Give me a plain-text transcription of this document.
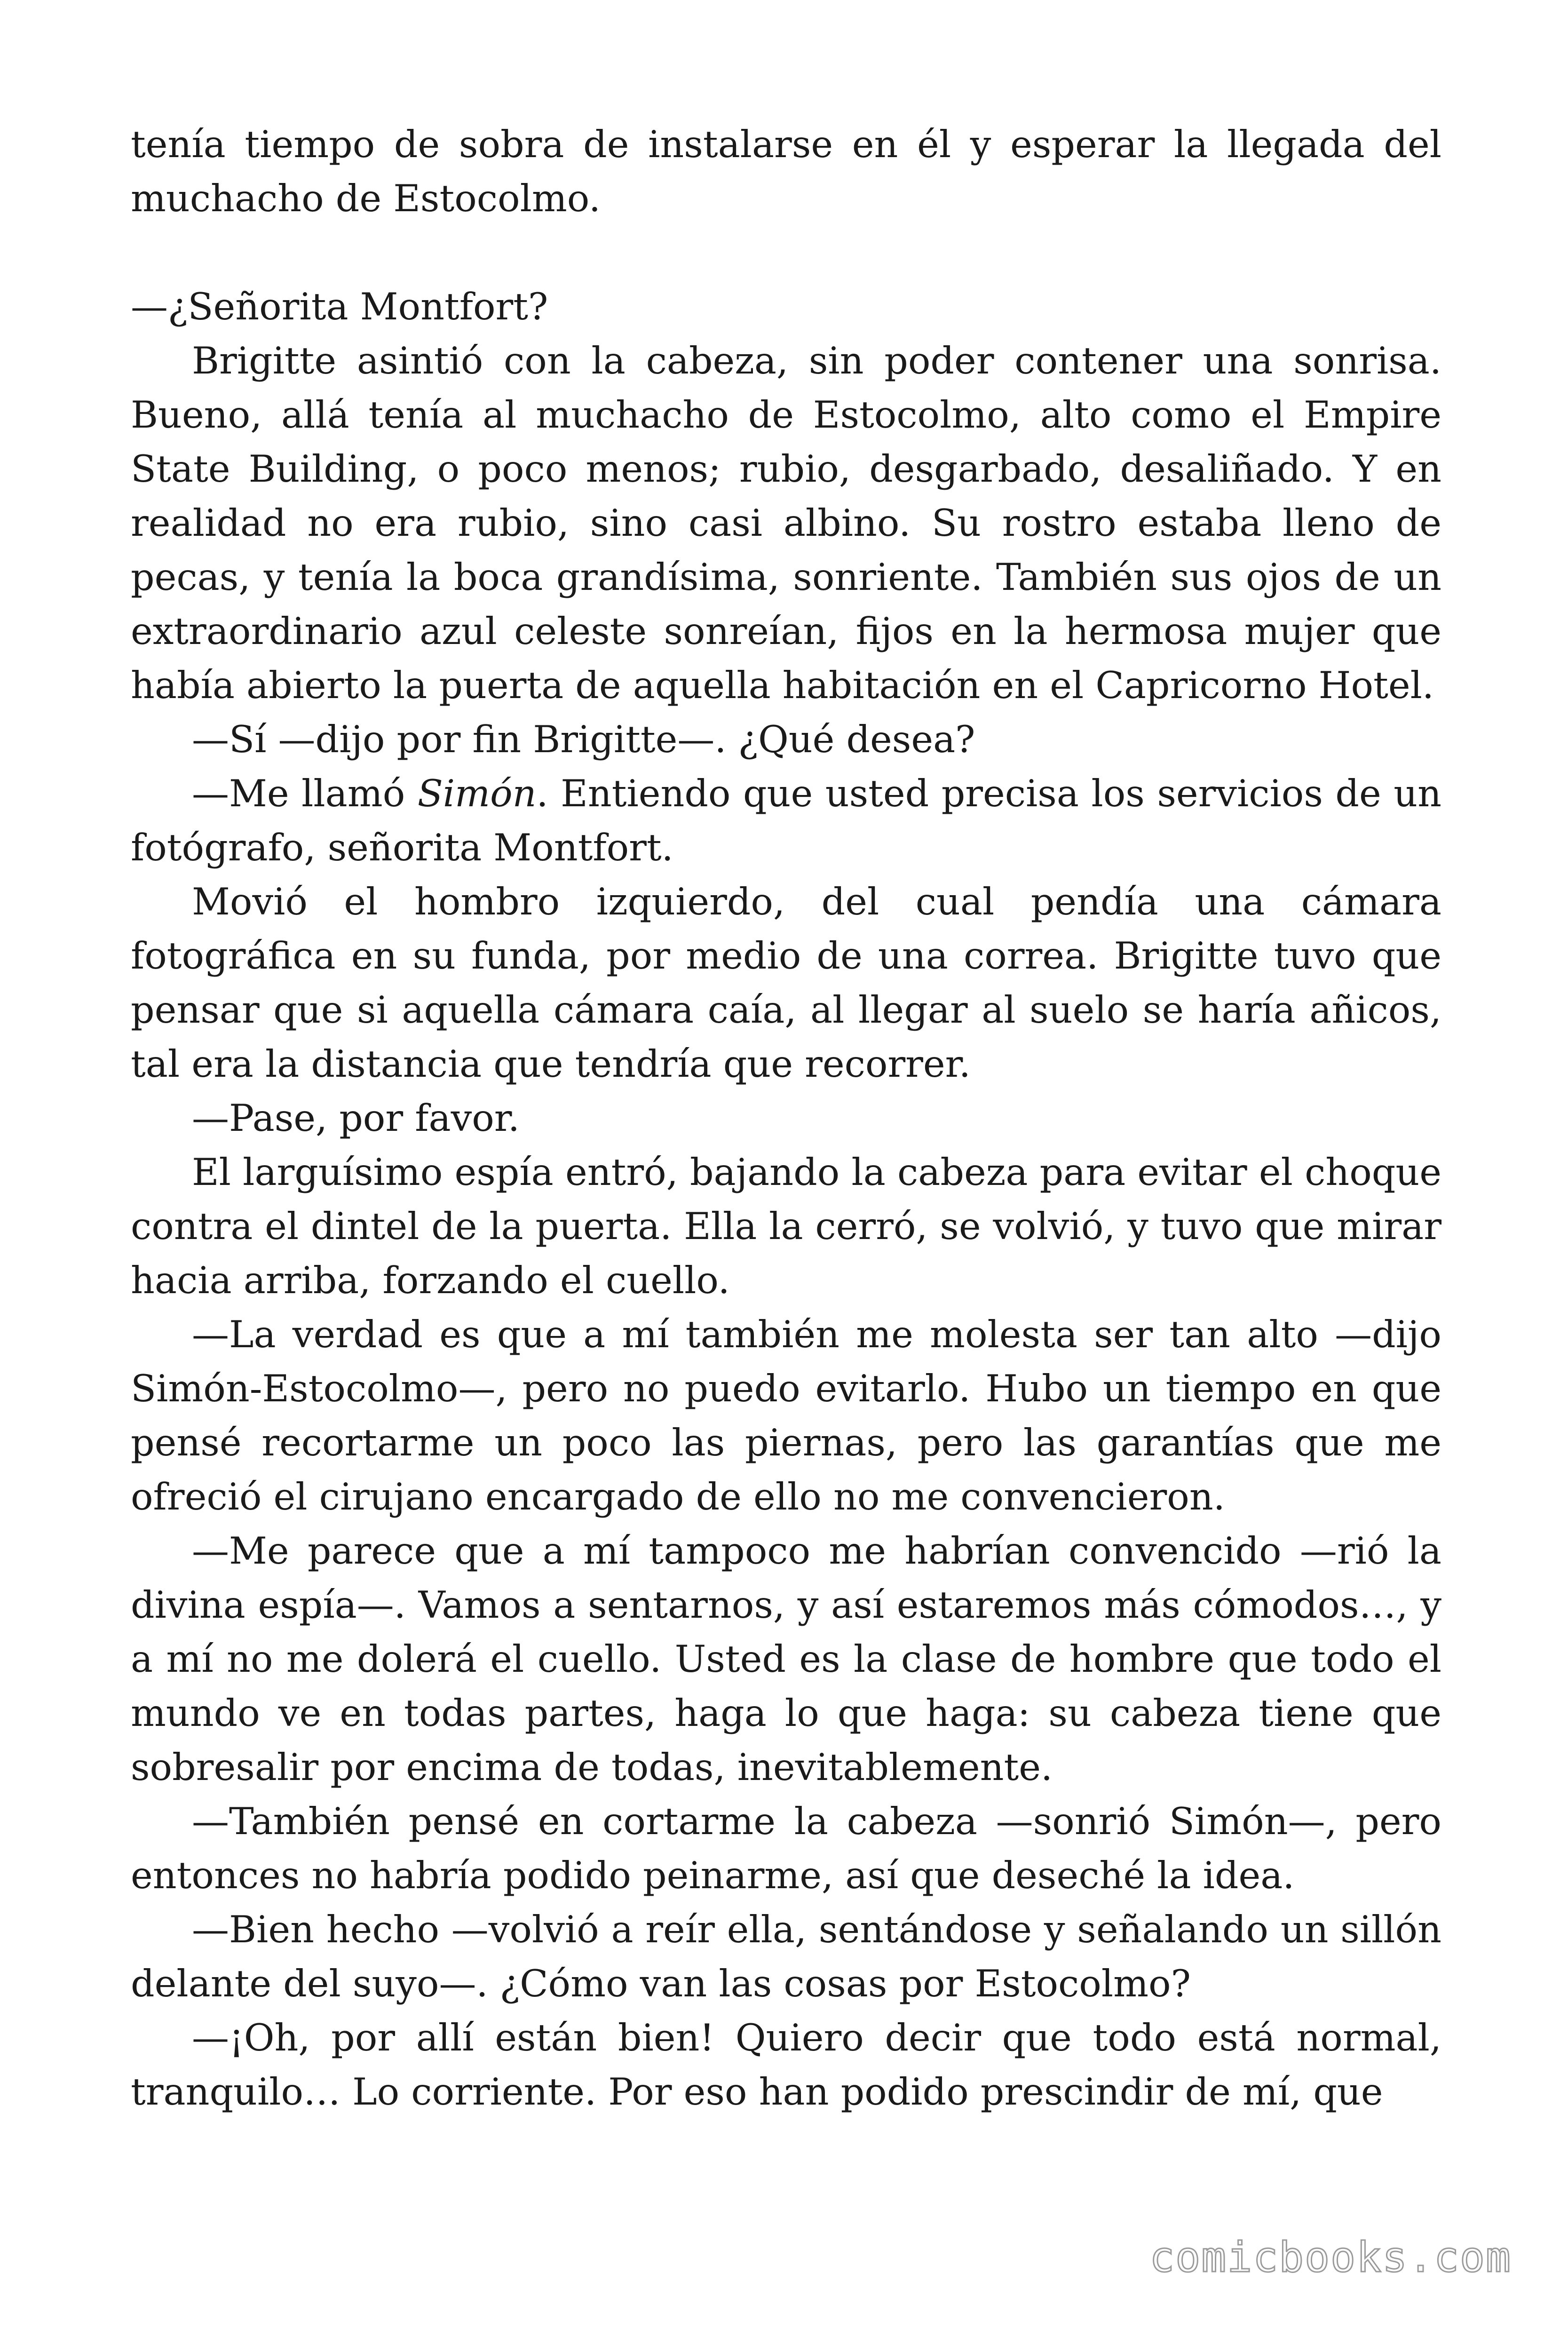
tenía tiempo de sobra de instalarse en él y esperar la llegada del muchacho de Estocolmo.

—¿Señorita Montfort?

Brigitte asintió con la cabeza, sin poder contener una sonrisa. Bueno, allá tenía al muchacho de Estocolmo, alto como el Empire State Building, o poco menos; rubio, desgarbado, desaliñado. Y en realidad no era rubio, sino casi albino. Su rostro estaba lleno de pecas, y tenía la boca grandísima, sonriente. También sus ojos de un extraordinario azul celeste sonreían, fijos en la hermosa mujer que había abierto la puerta de aquella habitación en el Capricorno Hotel.

—Sí —dijo por fin Brigitte—. ¿Qué desea?

—Me llamó Simón. Entiendo que usted precisa los servicios de un fotógrafo, señorita Montfort.

Movió el hombro izquierdo, del cual pendía una cámara fotográfica en su funda, por medio de una correa. Brigitte tuvo que pensar que si aquella cámara caía, al llegar al suelo se haría añicos, tal era la distancia que tendría que recorrer.

—Pase, por favor.

El larguísimo espía entró, bajando la cabeza para evitar el choque contra el dintel de la puerta. Ella la cerró, se volvió, y tuvo que mirar hacia arriba, forzando el cuello.

—La verdad es que a mí también me molesta ser tan alto —dijo Simón-Estocolmo—, pero no puedo evitarlo. Hubo un tiempo en que pensé recortarme un poco las piernas, pero las garantías que me ofreció el cirujano encargado de ello no me convencieron.

—Me parece que a mí tampoco me habrían convencido —rió la divina espía—. Vamos a sentarnos, y así estaremos más cómodos…, y a mí no me dolerá el cuello. Usted es la clase de hombre que todo el mundo ve en todas partes, haga lo que haga: su cabeza tiene que sobresalir por encima de todas, inevitablemente.

—También pensé en cortarme la cabeza —sonrió Simón—, pero entonces no habría podido peinarme, así que deseché la idea.

—Bien hecho —volvió a reír ella, sentándose y señalando un sillón delante del suyo—. ¿Cómo van las cosas por Estocolmo?

—¡Oh, por allí están bien! Quiero decir que todo está normal, tranquilo… Lo corriente. Por eso han podido prescindir de mí, que

comicbooks.com
